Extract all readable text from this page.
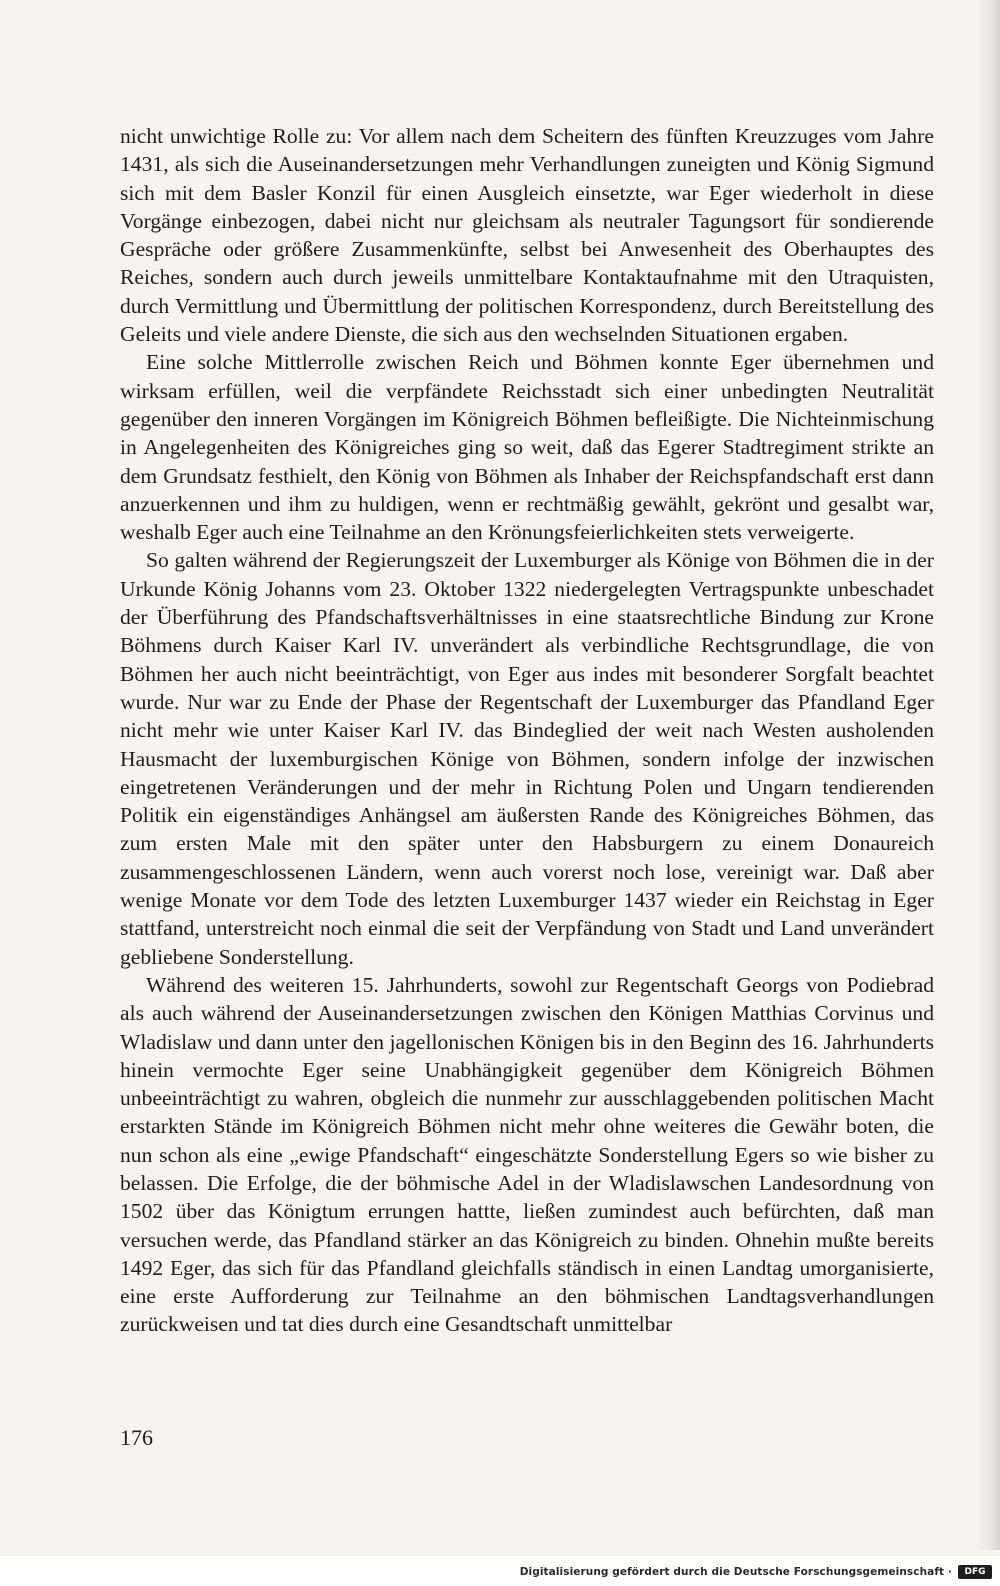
nicht unwichtige Rolle zu: Vor allem nach dem Scheitern des fünften Kreuzzuges vom Jahre 1431, als sich die Auseinandersetzungen mehr Verhandlungen zuneigten und König Sigmund sich mit dem Basler Konzil für einen Ausgleich einsetzte, war Eger wiederholt in diese Vorgänge einbezogen, dabei nicht nur gleichsam als neutraler Tagungsort für sondierende Gespräche oder größere Zusammenkünfte, selbst bei Anwesenheit des Oberhauptes des Reiches, sondern auch durch jeweils unmittelbare Kontaktaufnahme mit den Utraquisten, durch Vermittlung und Übermittlung der politischen Korrespondenz, durch Bereitstellung des Geleits und viele andere Dienste, die sich aus den wechselnden Situationen ergaben.

Eine solche Mittlerrolle zwischen Reich und Böhmen konnte Eger übernehmen und wirksam erfüllen, weil die verpfändete Reichsstadt sich einer unbedingten Neutralität gegenüber den inneren Vorgängen im Königreich Böhmen befleißigte. Die Nichteinmischung in Angelegenheiten des Königreiches ging so weit, daß das Egerer Stadtregiment strikte an dem Grundsatz festhielt, den König von Böhmen als Inhaber der Reichspfandschaft erst dann anzuerkennen und ihm zu huldigen, wenn er rechtmäßig gewählt, gekrönt und gesalbt war, weshalb Eger auch eine Teilnahme an den Krönungsfeierlichkeiten stets verweigerte.

So galten während der Regierungszeit der Luxemburger als Könige von Böhmen die in der Urkunde König Johanns vom 23. Oktober 1322 niedergelegten Vertragspunkte unbeschadet der Überführung des Pfandschaftsverhältnisses in eine staatsrechtliche Bindung zur Krone Böhmens durch Kaiser Karl IV. unverändert als verbindliche Rechtsgrundlage, die von Böhmen her auch nicht beeinträchtigt, von Eger aus indes mit besonderer Sorgfalt beachtet wurde. Nur war zu Ende der Phase der Regentschaft der Luxemburger das Pfandland Eger nicht mehr wie unter Kaiser Karl IV. das Bindeglied der weit nach Westen ausholenden Hausmacht der luxemburgischen Könige von Böhmen, sondern infolge der inzwischen eingetretenen Veränderungen und der mehr in Richtung Polen und Ungarn tendierenden Politik ein eigenständiges Anhängsel am äußersten Rande des Königreiches Böhmen, das zum ersten Male mit den später unter den Habsburgern zu einem Donaureich zusammengeschlossenen Ländern, wenn auch vorerst noch lose, vereinigt war. Daß aber wenige Monate vor dem Tode des letzten Luxemburger 1437 wieder ein Reichstag in Eger stattfand, unterstreicht noch einmal die seit der Verpfändung von Stadt und Land unverändert gebliebene Sonderstellung.

Während des weiteren 15. Jahrhunderts, sowohl zur Regentschaft Georgs von Podiebrad als auch während der Auseinandersetzungen zwischen den Königen Matthias Corvinus und Wladislaw und dann unter den jagellonischen Königen bis in den Beginn des 16. Jahrhunderts hinein vermochte Eger seine Unabhängigkeit gegenüber dem Königreich Böhmen unbeeinträchtigt zu wahren, obgleich die nunmehr zur ausschlaggebenden politischen Macht erstarkten Stände im Königreich Böhmen nicht mehr ohne weiteres die Gewähr boten, die nun schon als eine „ewige Pfandschaft“ eingeschätzte Sonderstellung Egers so wie bisher zu belassen. Die Erfolge, die der böhmische Adel in der Wladislawschen Landesordnung von 1502 über das Königtum errungen hattte, ließen zumindest auch befürchten, daß man versuchen werde, das Pfandland stärker an das Königreich zu binden. Ohnehin mußte bereits 1492 Eger, das sich für das Pfandland gleichfalls ständisch in einen Landtag umorganisierte, eine erste Aufforderung zur Teilnahme an den böhmischen Landtagsverhandlungen zurückweisen und tat dies durch eine Gesandtschaft unmittelbar

176
Digitalisierung gefördert durch die Deutsche Forschungsgemeinschaft ·	DFG
